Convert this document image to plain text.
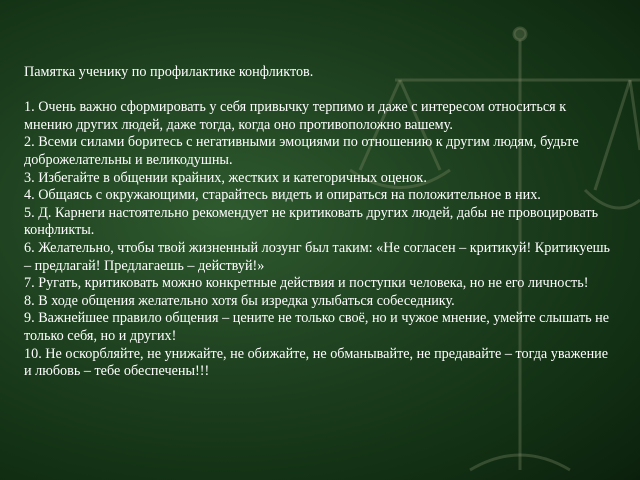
Памятка ученику по профилактике конфликтов.

1. Очень важно сформировать у себя привычку терпимо и даже с интересом относиться к мнению других людей, даже тогда, когда оно противоположно вашему.

2. Всеми силами боритесь с негативными эмоциями по отношению к другим людям, будьте доброжелательны и великодушны.

3. Избегайте в общении крайних, жестких и категоричных оценок.

4. Общаясь с окружающими, старайтесь видеть и опираться на положительное в них.

5. Д. Карнеги настоятельно рекомендует не критиковать других людей, дабы не провоцировать конфликты.

6. Желательно, чтобы твой жизненный лозунг был таким: «Не согласен – критикуй! Критикуешь – предлагай! Предлагаешь – действуй!»

7. Ругать, критиковать можно конкретные действия и поступки человека, но не его личность!

8. В ходе общения желательно хотя бы изредка улыбаться собеседнику.

9. Важнейшее правило общения – цените не только своё, но и чужое мнение, умейте слышать не только себя, но и других!

10. Не оскорбляйте, не унижайте, не обижайте, не обманывайте, не предавайте – тогда уважение и любовь – тебе обеспечены!!!
